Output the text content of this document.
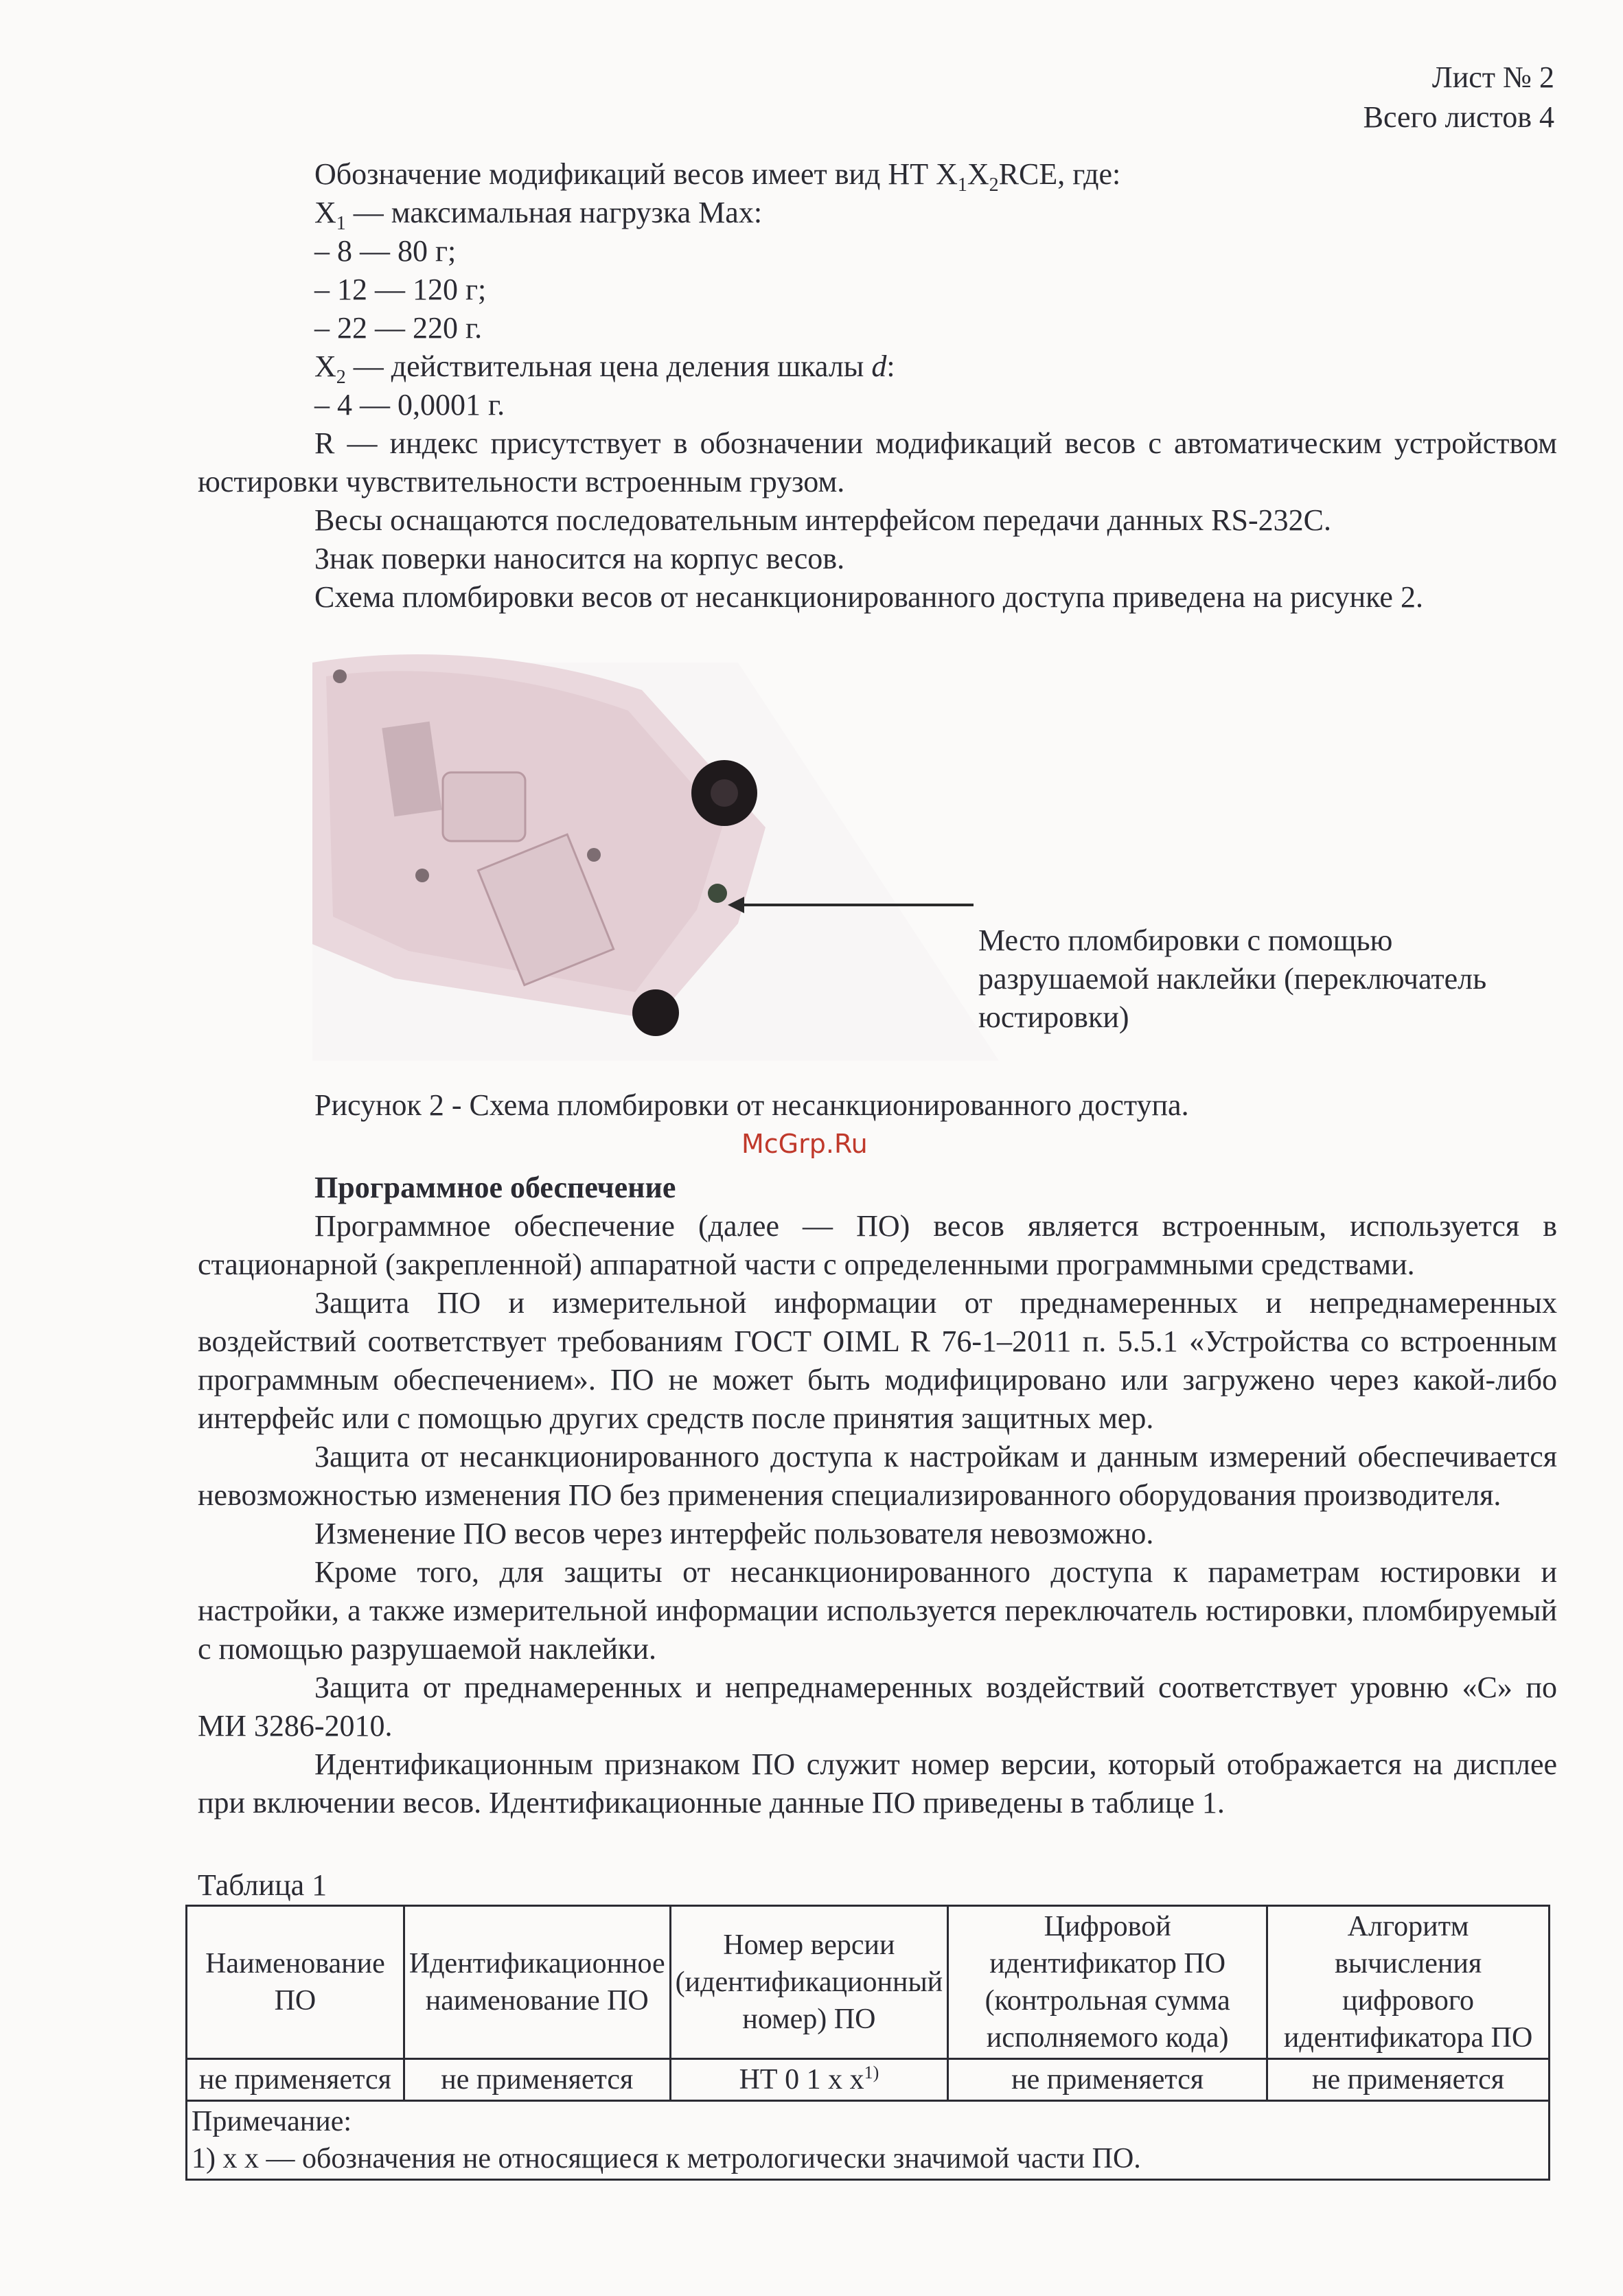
Лист № 2
Всего листов 4
Обозначение модификаций весов имеет вид НТ $Х_1Х_2RCE$, где:
$Х_1$ — максимальная нагрузка Max:
– 8 — 80 г;
– 12 — 120 г;
– 22 — 220 г.
$Х_2$ — действительная цена деления шкалы d:
– 4 — 0,0001 г.
R — индекс присутствует в обозначении модификаций весов с автоматическим устройством юстировки чувствительности встроенным грузом.
Весы оснащаются последовательным интерфейсом передачи данных RS-232C.
Знак поверки наносится на корпус весов.
Схема пломбировки весов от несанкционированного доступа приведена на рисунке 2.
Место пломбировки с помощью разрушаемой наклейки (переключатель юстировки)
Рисунок 2 - Схема пломбировки от несанкционированного доступа.
McGrp.Ru

Программное обеспечение

Программное обеспечение (далее — ПО) весов является встроенным, используется в стационарной (закрепленной) аппаратной части с определенными программными средствами.

Защита ПО и измерительной информации от преднамеренных и непреднамеренных воздействий соответствует требованиям ГОСТ OIML R 76-1–2011 п. 5.5.1 «Устройства со встроенным программным обеспечением». ПО не может быть модифицировано или загружено через какой-либо интерфейс или с помощью других средств после принятия защитных мер.

Защита от несанкционированного доступа к настройкам и данным измерений обеспечивается невозможностью изменения ПО без применения специализированного оборудования производителя.

Изменение ПО весов через интерфейс пользователя невозможно.

Кроме того, для защиты от несанкционированного доступа к параметрам юстировки и настройки, а также измерительной информации используется переключатель юстировки, пломбируемый с помощью разрушаемой наклейки.

Защита от преднамеренных и непреднамеренных воздействий соответствует уровню «С» по МИ 3286-2010.

Идентификационным признаком ПО служит номер версии, который отображается на дисплее при включении весов. Идентификационные данные ПО приведены в таблице 1.

Таблица 1
Наименование ПО	Идентификационное наименование ПО	Номер версии (идентификационный номер) ПО	Цифровой идентификатор ПО (контрольная сумма исполняемого кода)	Алгоритм вычисления цифрового идентификатора ПО
не применяется	не применяется	НТ 0 1 х $х^{1)}$	не применяется	не применяется

Примечание:
1) х х — обозначения не относящиеся к метрологически значимой части ПО.				
